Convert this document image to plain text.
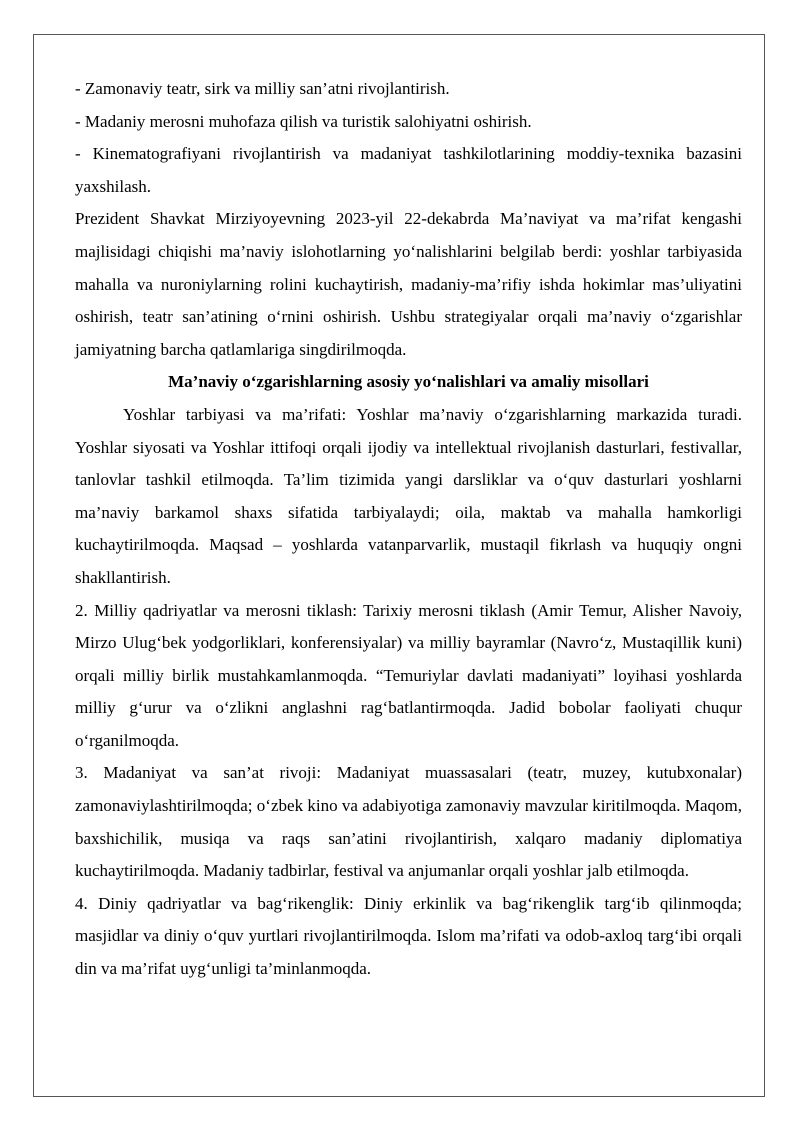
- Zamonaviy teatr, sirk va milliy san’atni rivojlantirish.

- Madaniy merosni muhofaza qilish va turistik salohiyatni oshirish.

- Kinematografiyani rivojlantirish va madaniyat tashkilotlarining moddiy-texnika bazasini yaxshilash.

Prezident Shavkat Mirziyoyevning 2023-yil 22-dekabrda Ma’naviyat va ma’rifat kengashi majlisidagi chiqishi ma’naviy islohotlarning yo‘nalishlarini belgilab berdi: yoshlar tarbiyasida mahalla va nuroniylarning rolini kuchaytirish, madaniy-ma’rifiy ishda hokimlar mas’uliyatini oshirish, teatr san’atining o‘rnini oshirish. Ushbu strategiyalar orqali ma’naviy o‘zgarishlar jamiyatning barcha qatlamlariga singdirilmoqda.

Ma’naviy o‘zgarishlarning asosiy yo‘nalishlari va amaliy misollari

Yoshlar tarbiyasi va ma’rifati: Yoshlar ma’naviy o‘zgarishlarning markazida turadi. Yoshlar siyosati va Yoshlar ittifoqi orqali ijodiy va intellektual rivojlanish dasturlari, festivallar, tanlovlar tashkil etilmoqda. Ta’lim tizimida yangi darsliklar va o‘quv dasturlari yoshlarni ma’naviy barkamol shaxs sifatida tarbiyalaydi; oila, maktab va mahalla hamkorligi kuchaytirilmoqda. Maqsad – yoshlarda vatanparvarlik, mustaqil fikrlash va huquqiy ongni shakllantirish.

2. Milliy qadriyatlar va merosni tiklash: Tarixiy merosni tiklash (Amir Temur, Alisher Navoiy, Mirzo Ulug‘bek yodgorliklari, konferensiyalar) va milliy bayramlar (Navro‘z, Mustaqillik kuni) orqali milliy birlik mustahkamlanmoqda. “Temuriylar davlati madaniyati” loyihasi yoshlarda milliy g‘urur va o‘zlikni anglashni rag‘batlantirmoqda. Jadid bobolar faoliyati chuqur o‘rganilmoqda.

3. Madaniyat va san’at rivoji: Madaniyat muassasalari (teatr, muzey, kutubxonalar) zamonaviylashtirilmoqda; o‘zbek kino va adabiyotiga zamonaviy mavzular kiritilmoqda. Maqom, baxshichilik, musiqa va raqs san’atini rivojlantirish, xalqaro madaniy diplomatiya kuchaytirilmoqda. Madaniy tadbirlar, festival va anjumanlar orqali yoshlar jalb etilmoqda.

4. Diniy qadriyatlar va bag‘rikenglik: Diniy erkinlik va bag‘rikenglik targ‘ib qilinmoqda; masjidlar va diniy o‘quv yurtlari rivojlantirilmoqda. Islom ma’rifati va odob-axloq targ‘ibi orqali din va ma’rifat uyg‘unligi ta’minlanmoqda.
